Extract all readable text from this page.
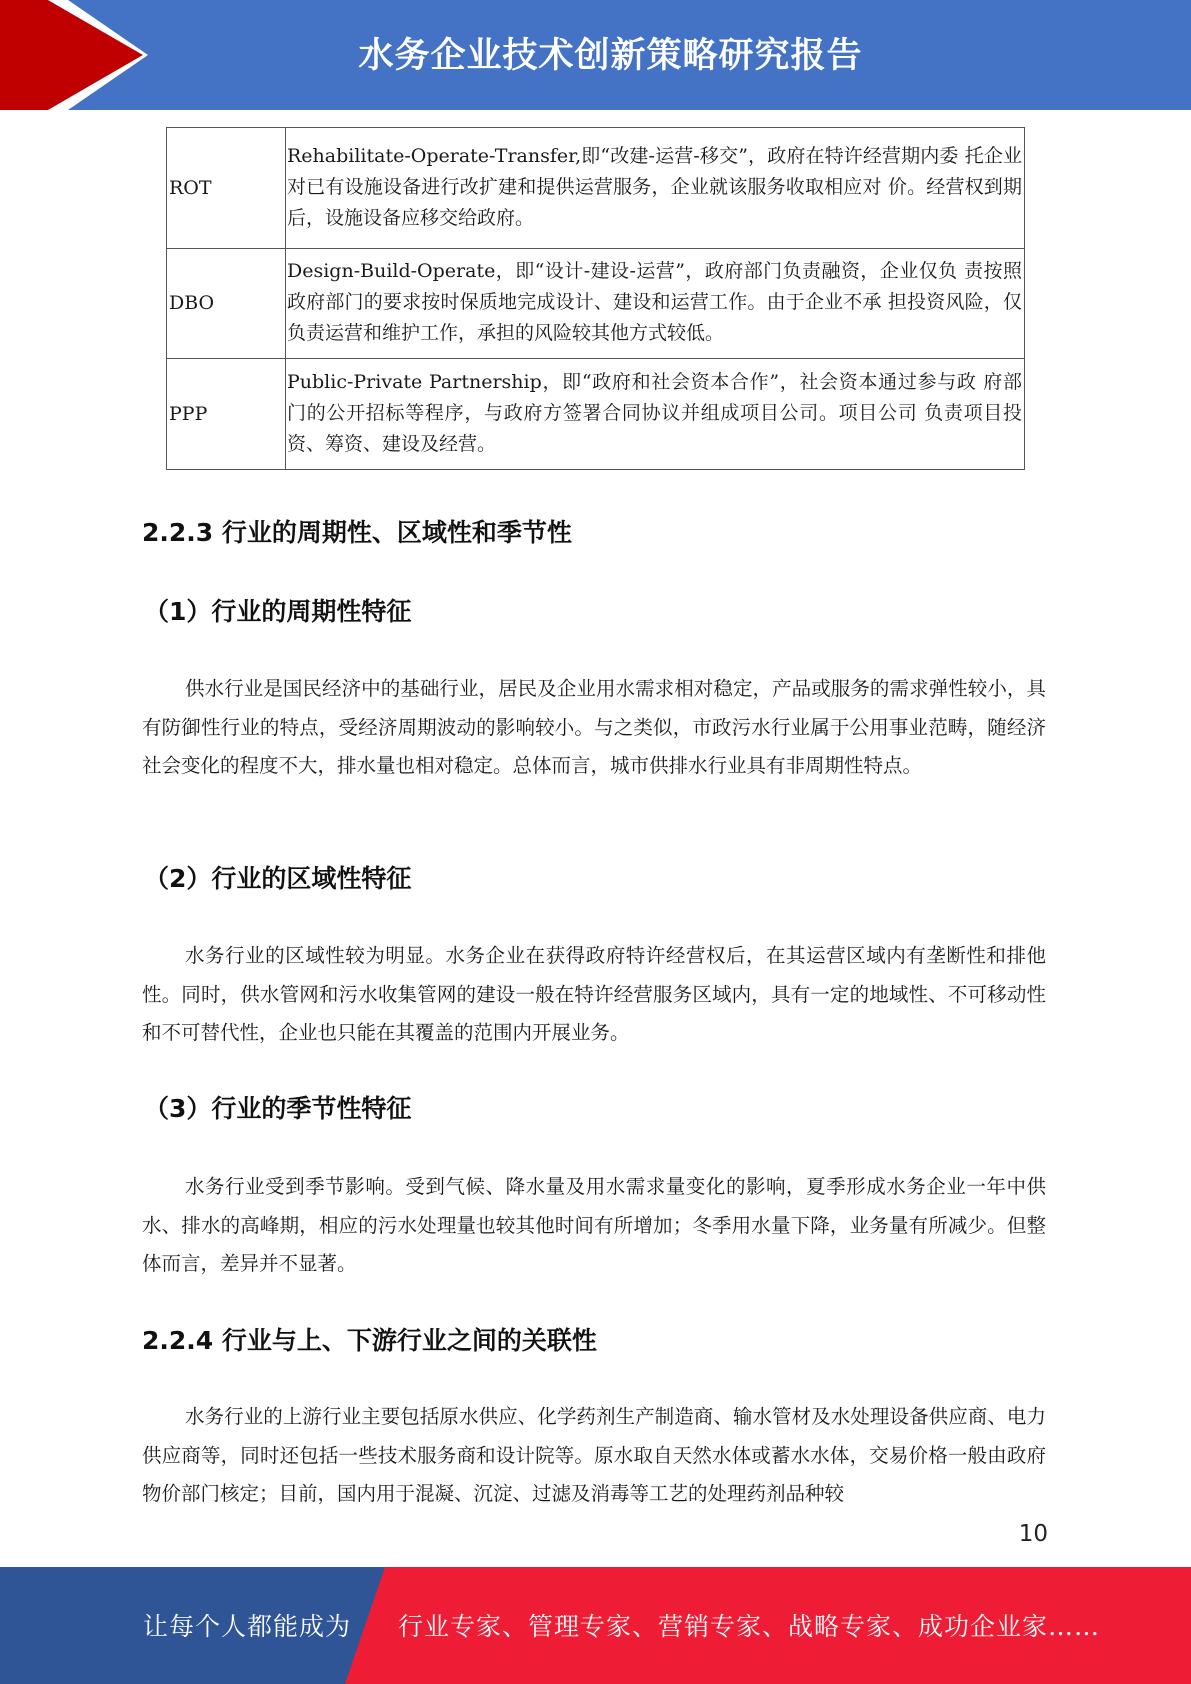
水务企业技术创新策略研究报告
ROT	Rehabilitate-Operate-Transfer,即“改建-运营-移交”，政府在特许经营期内委 托企业对已有设施设备进行改扩建和提供运营服务，企业就该服务收取相应对 价。经营权到期后，设施设备应移交给政府。
DBO	Design-Build-Operate，即“设计-建设-运营”，政府部门负责融资，企业仅负 责按照政府部门的要求按时保质地完成设计、建设和运营工作。由于企业不承 担投资风险，仅负责运营和维护工作，承担的风险较其他方式较低。
PPP	Public-Private Partnership，即“政府和社会资本合作”，社会资本通过参与政 府部门的公开招标等程序，与政府方签署合同协议并组成项目公司。项目公司 负责项目投资、筹资、建设及经营。
2.2.3 行业的周期性、区域性和季节性
（1）行业的周期性特征

供水行业是国民经济中的基础行业，居民及企业用水需求相对稳定，产品或服务的需求弹性较小，具有防御性行业的特点，受经济周期波动的影响较小。与之类似，市政污水行业属于公用事业范畴，随经济社会变化的程度不大，排水量也相对稳定。总体而言，城市供排水行业具有非周期性特点。

（2）行业的区域性特征

水务行业的区域性较为明显。水务企业在获得政府特许经营权后，在其运营区域内有垄断性和排他性。同时，供水管网和污水收集管网的建设一般在特许经营服务区域内，具有一定的地域性、不可移动性和不可替代性，企业也只能在其覆盖的范围内开展业务。

（3）行业的季节性特征

水务行业受到季节影响。受到气候、降水量及用水需求量变化的影响，夏季形成水务企业一年中供水、排水的高峰期，相应的污水处理量也较其他时间有所增加；冬季用水量下降，业务量有所减少。但整体而言，差异并不显著。

2.2.4 行业与上、下游行业之间的关联性

水务行业的上游行业主要包括原水供应、化学药剂生产制造商、输水管材及水处理设备供应商、电力供应商等，同时还包括一些技术服务商和设计院等。原水取自天然水体或蓄水水体，交易价格一般由政府物价部门核定；目前，国内用于混凝、沉淀、过滤及消毒等工艺的处理药剂品种较

10
让每个人都能成为 行业专家、管理专家、营销专家、战略专家、成功企业家……
